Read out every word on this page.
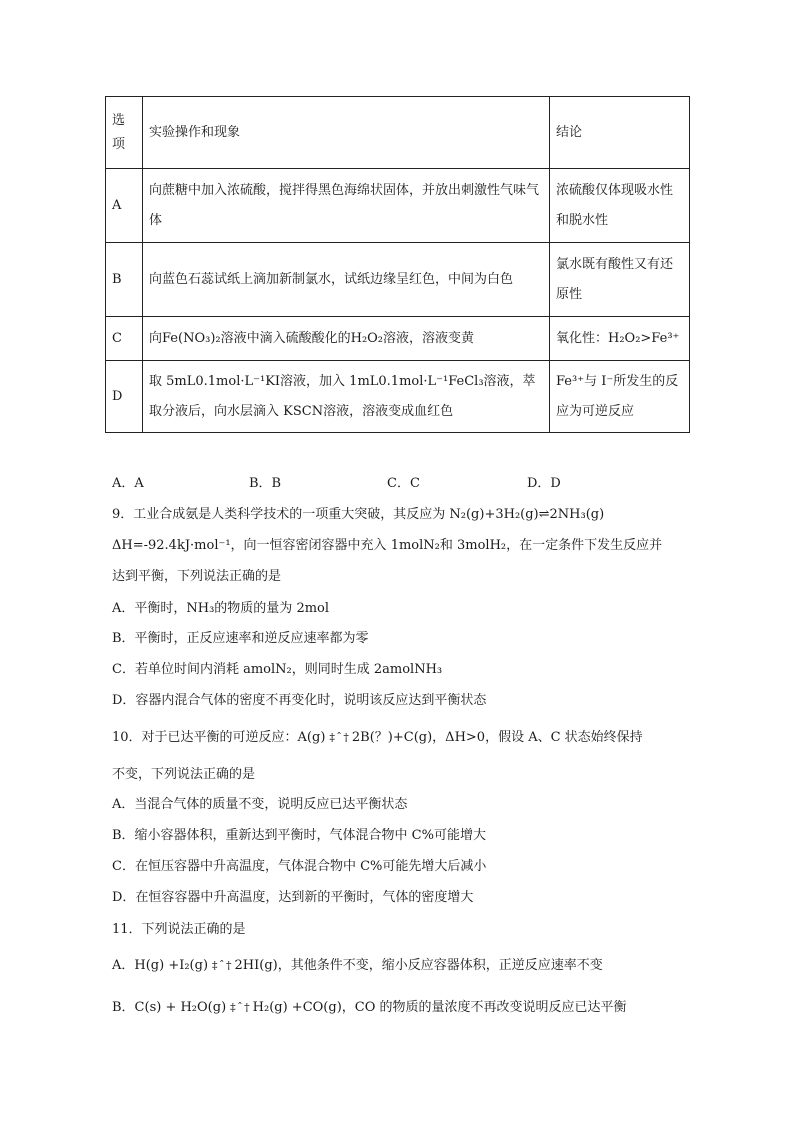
选项	实验操作和现象	结论
A	向蔗糖中加入浓硫酸，搅拌得黑色海绵状固体，并放出刺激性气味气体	浓硫酸仅体现吸水性和脱水性
B	向蓝色石蕊试纸上滴加新制氯水，试纸边缘呈红色，中间为白色	氯水既有酸性又有还原性
C	向Fe(NO₃)₂溶液中滴入硫酸酸化的H₂O₂溶液，溶液变黄	氧化性：H₂O₂>Fe³⁺
D	取 5mL0.1mol·L⁻¹KI溶液，加入 1mL0.1mol·L⁻¹FeCl₃溶液，萃取分液后，向水层滴入 KSCN溶液，溶液变成血红色	Fe³⁺与 I⁻所发生的反应为可逆反应
A．A	B．B	C．C	D．D
9．工业合成氨是人类科学技术的一项重大突破，其反应为 N₂(g)+3H₂(g)⇌2NH₃(g)
ΔH=-92.4kJ·mol⁻¹，向一恒容密闭容器中充入 1molN₂和 3molH₂，在一定条件下发生反应并
达到平衡，下列说法正确的是
A．平衡时，NH₃的物质的量为 2mol
B．平衡时，正反应速率和逆反应速率都为零
C．若单位时间内消耗 amolN₂，则同时生成 2amolNH₃
D．容器内混合气体的密度不再变化时，说明该反应达到平衡状态
10．对于已达平衡的可逆反应：A(g) ‡ ˆ † 2B(？)+C(g)，ΔH>0，假设 A、C 状态始终保持
不变，下列说法正确的是
A．当混合气体的质量不变，说明反应已达平衡状态
B．缩小容器体积，重新达到平衡时，气体混合物中 C%可能增大
C．在恒压容器中升高温度，气体混合物中 C%可能先增大后减小
D．在恒容容器中升高温度，达到新的平衡时，气体的密度增大
11．下列说法正确的是
A．H(g) +I₂(g) ‡ ˆ † 2HI(g)，其他条件不变，缩小反应容器体积，正逆反应速率不变
B．C(s) + H₂O(g) ‡ ˆ † H₂(g) +CO(g)，CO 的物质的量浓度不再改变说明反应已达平衡
